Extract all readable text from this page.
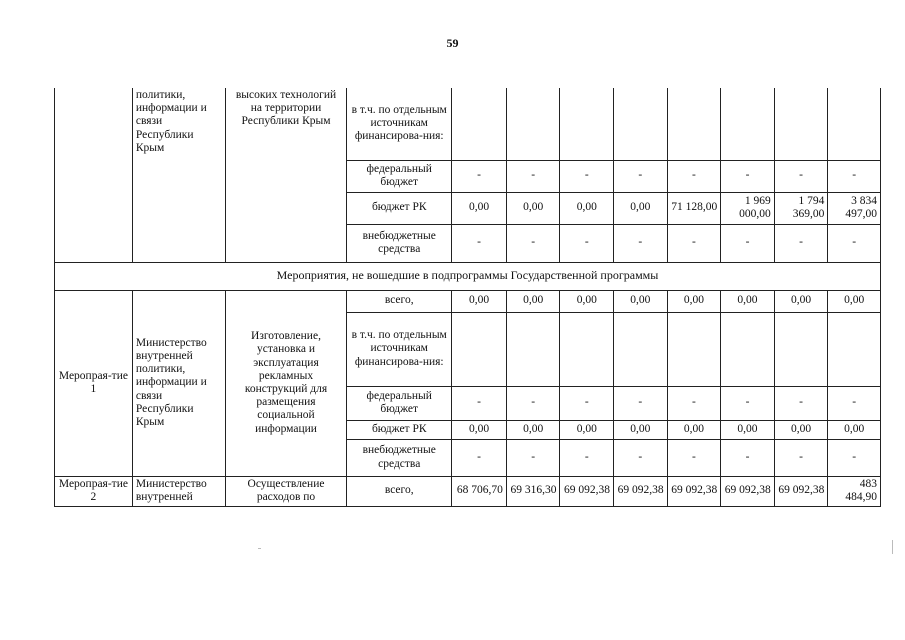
59
	политики, информации и связи Республики Крым	высоких технологий на территории Республики Крым	в т.ч. по отдельным источникам финансирова-ния:								
			федеральный бюджет	-	-	-	-	-	-	-	-
			бюджет РК	0,00	0,00	0,00	0,00	71 128,00	1 969 000,00	1 794 369,00	3 834 497,00
			внебюджетные средства	-	-	-	-	-	-	-	-
Мероприятия, не вошедшие в подпрограммы Государственной программы											
Меропрая-тие 1	Министерство внутренней политики, информации и связи Республики Крым	Изготовление, установка и эксплуатация рекламных конструкций для размещения социальной информации	всего,	0,00	0,00	0,00	0,00	0,00	0,00	0,00	0,00
			в т.ч. по отдельным источникам финансирова-ния:								
			федеральный бюджет	-	-	-	-	-	-	-	-
			бюджет РК	0,00	0,00	0,00	0,00	0,00	0,00	0,00	0,00
			внебюджетные средства	-	-	-	-	-	-	-	-
Меропрая-тие 2	Министерство внутренней	Осуществление расходов по	всего,	68 706,70	69 316,30	69 092,38	69 092,38	69 092,38	69 092,38	69 092,38	483 484,90
